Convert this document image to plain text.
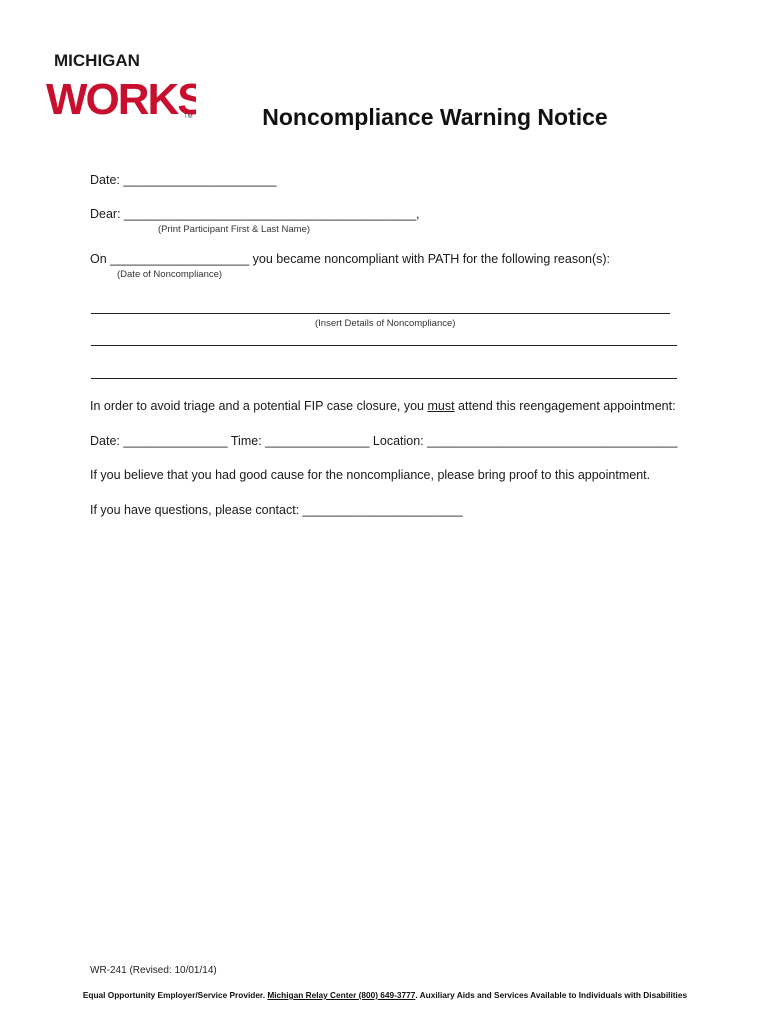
MICHIGAN
WORKS
TM	Noncompliance Warning Notice
Date: ______________________
Dear: __________________________________________,
(Print Participant First & Last Name)
On ____________________ you became noncompliant with PATH for the following reason(s):
(Date of Noncompliance)
(Insert Details of Noncompliance)
In order to avoid triage and a potential FIP case closure, you must attend this reengagement appointment:
Date: _______________ Time: _______________ Location: ____________________________________
If you believe that you had good cause for the noncompliance, please bring proof to this appointment.
If you have questions, please contact: _______________________
WR-241 (Revised: 10/01/14)
Equal Opportunity Employer/Service Provider. Michigan Relay Center (800) 649-3777. Auxiliary Aids and Services Available to Individuals with Disabilities
